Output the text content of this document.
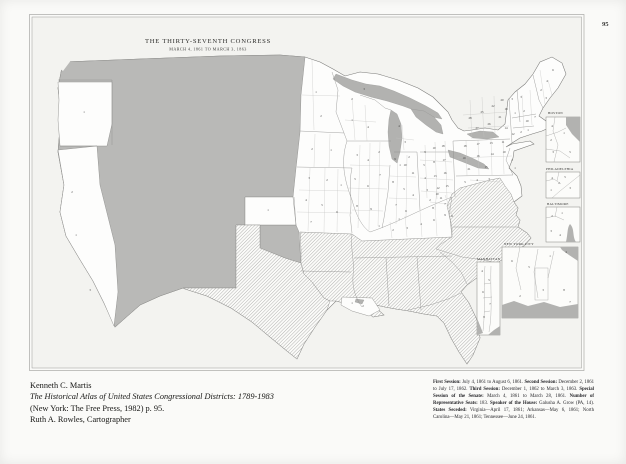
THE THIRTY-SEVENTH CONGRESS
MARCH 4, 1861 TO MARCH 3, 1863
BOSTON
PHILADELPHIA
BALTIMORE
NEW YORK CITY
MANHATTAN
1
2
1
3
1
1
2
2	1
2
3
1
4
3	2
1
4
5
6
7
3
4
2
5
6
7
8
9
4
3
2
1
9
10
11
8
5
4
7
6
1
9
10 18
5
8 17
4 13
16
3	12 15
2	11
1
2	3
4
6
9
10
7
8
11
5	4	3
18	17	13	11
19	16	14	10
21	15
2
1
28
25
22
20
27
26
21
18
14
12 2 1
10
7
3
1
3
2
2
4
6
3
1
2
4
2
1
3	5
4
2
5
3
1
2
1
3
4
6
5
1
4
2
3	8
7
4
5
6
7
8
Kenneth C. Martis
The Historical Atlas of United States Congressional Districts: 1789-1983
(New York: The Free Press, 1982) p. 95.
Ruth A. Rowles, Cartographer
First Session: July 4, 1861 to August 6, 1861. Second Session: December 2, 1861 to July 17, 1862. Third Session: December 1, 1862 to March 3, 1863. Special Session of the Senate: March 4, 1861 to March 28, 1861. Number of Representative Seats: 183. Speaker of the House: Galusha A. Grow (PA, 14). States Seceded: Virginia—April 17, 1861; Arkansas—May 6, 1861; North Carolina—May 21, 1861; Tennessee—June 24, 1861.
95
